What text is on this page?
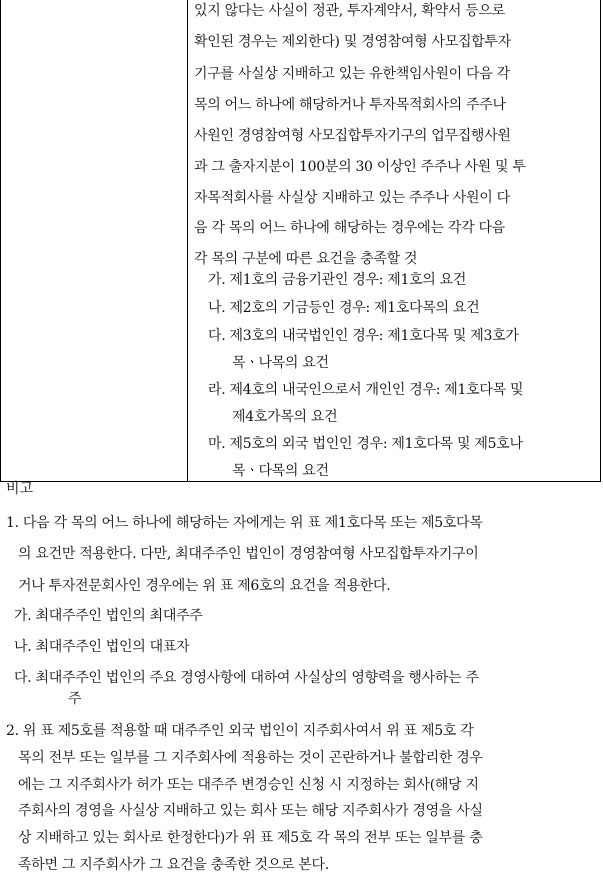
있지 않다는 사실이 정관, 투자계약서, 확약서 등으로
확인된 경우는 제외한다) 및 경영참여형 사모집합투자
기구를 사실상 지배하고 있는 유한책임사원이 다음 각
목의 어느 하나에 해당하거나 투자목적회사의 주주나
사원인 경영참여형 사모집합투자기구의 업무집행사원
과 그 출자지분이 100분의 30 이상인 주주나 사원 및 투
자목적회사를 사실상 지배하고 있는 주주나 사원이 다
음 각 목의 어느 하나에 해당하는 경우에는 각각 다음
각 목의 구분에 따른 요건을 충족할 것
가. 제1호의 금융기관인 경우: 제1호의 요건
나. 제2호의 기금등인 경우: 제1호다목의 요건
다. 제3호의 내국법인인 경우: 제1호다목 및 제3호가
목ㆍ나목의 요건
라. 제4호의 내국인으로서 개인인 경우: 제1호다목 및
제4호가목의 요건
마. 제5호의 외국 법인인 경우: 제1호다목 및 제5호나
비고
1. 다음 각 목의 어느 하나에 해당하는 자에게는 위 표 제1호다목 또는 제5호다목
의 요건만 적용한다. 다만, 최대주주인 법인이 경영참여형 사모집합투자기구이
거나 투자전문회사인 경우에는 위 표 제6호의 요건을 적용한다.
가. 최대주주인 법인의 최대주주
나. 최대주주인 법인의 대표자
다. 최대주주인 법인의 주요 경영사항에 대하여 사실상의 영향력을 행사하는 주
주
2. 위 표 제5호를 적용할 때 대주주인 외국 법인이 지주회사여서 위 표 제5호 각
목의 전부 또는 일부를 그 지주회사에 적용하는 것이 곤란하거나 불합리한 경우
에는 그 지주회사가 허가 또는 대주주 변경승인 신청 시 지정하는 회사(해당 지
주회사의 경영을 사실상 지배하고 있는 회사 또는 해당 지주회사가 경영을 사실
상 지배하고 있는 회사로 한정한다)가 위 표 제5호 각 목의 전부 또는 일부를 충
목ㆍ다목의 요건
족하면 그 지주회사가 그 요건을 충족한 것으로 본다.
